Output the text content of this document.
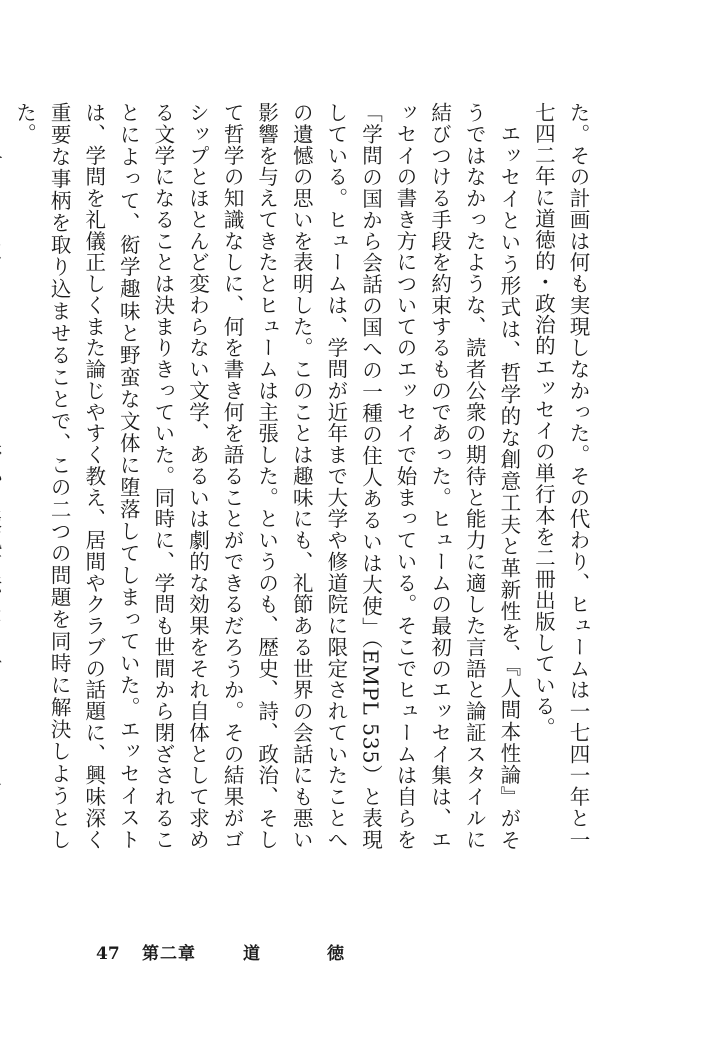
た。その計画は何も実現しなかった。その代わり、ヒュームは一七四一年と一七四二年に道徳的・政治的エッセイの単行本を二冊出版している。

エッセイという形式は、哲学的な創意工夫と革新性を、『人間本性論』がそうではなかったような、読者公衆の期待と能力に適した言語と論証スタイルに結びつける手段を約束するものであった。ヒュームの最初のエッセイ集は、エッセイの書き方についてのエッセイで始まっている。そこでヒュームは自らを「学問の国から会話の国への一種の住人あるいは大使」（EMPL 535）と表現している。ヒュームは、学問が近年まで大学や修道院に限定されていたことへの遺憾の思いを表明した。このことは趣味にも、礼節ある世界の会話にも悪い影響を与えてきたとヒュームは主張した。というのも、歴史、詩、政治、そして哲学の知識なしに、何を書き何を語ることができるだろうか。その結果がゴシップとほとんど変わらない文学、あるいは劇的な効果をそれ自体として求める文学になることは決まりきっていた。同時に、学問も世間から閉ざされることによって、衒学趣味と野蛮な文体に堕落してしまっていた。エッセイストは、学問を礼儀正しくまた論じやすく教え、居間やクラブの話題に、興味深く重要な事柄を取り込ませることで、この二つの問題を同時に解決しようとした。

47 第二章	道	徳
